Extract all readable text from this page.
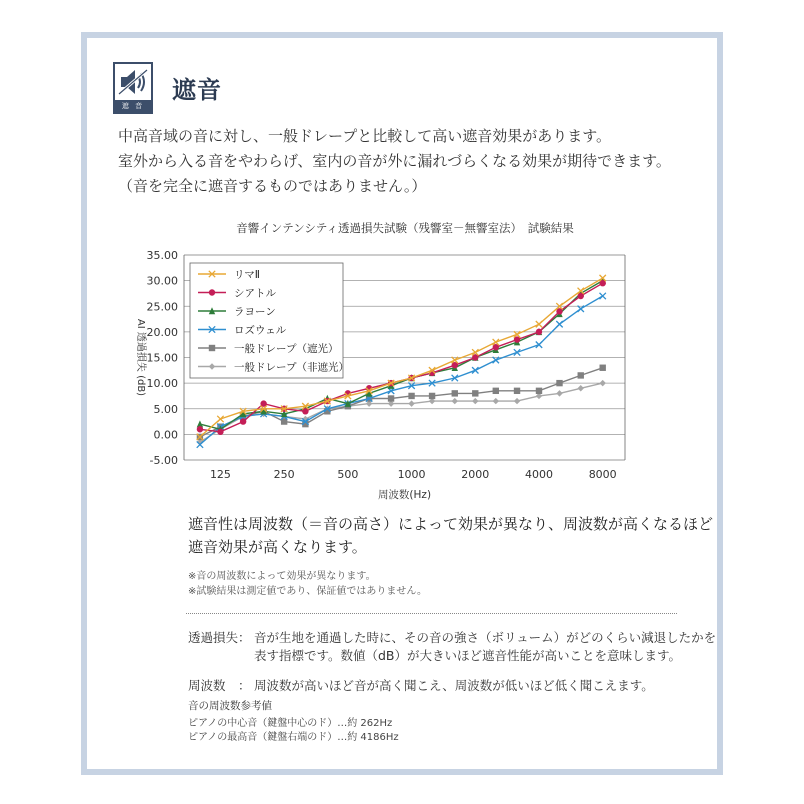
遮 音
遮音
中高音域の音に対し、一般ドレープと比較して高い遮音効果があります。
室外から入る音をやわらげ、室内の音が外に漏れづらくなる効果が期待できます。
（音を完全に遮音するものではありません。）
音響インテンシティ透過損失試験（残響室－無響室法）　試験結果
-5.00
0.00
5.00
10.00
15.00
20.00
25.00
30.00
35.00
125	250	500	1000	2000	4000	8000
周波数(Hz)
AI 透過損失 (dB)
リマⅡ
シアトル
ラヨーン
ロズウェル
一般ドレープ（遮光）
一般ドレープ（非遮光）
遮音性は周波数（＝音の高さ）によって効果が異なり、周波数が高くなるほど
遮音効果が高くなります。
※音の周波数によって効果が異なります。
※試験結果は測定値であり、保証値ではありません。
透過損失： 音が生地を通過した時に、その音の強さ（ボリューム）がどのくらい減退したかを
表す指標です。数値（dB）が大きいほど遮音性能が高いことを意味します。
周波数　： 周波数が高いほど音が高く聞こえ、周波数が低いほど低く聞こえます。
音の周波数参考値
ピアノの中心音（鍵盤中心のド）…約 262Hz
ピアノの最高音（鍵盤右端のド）…約 4186Hz
